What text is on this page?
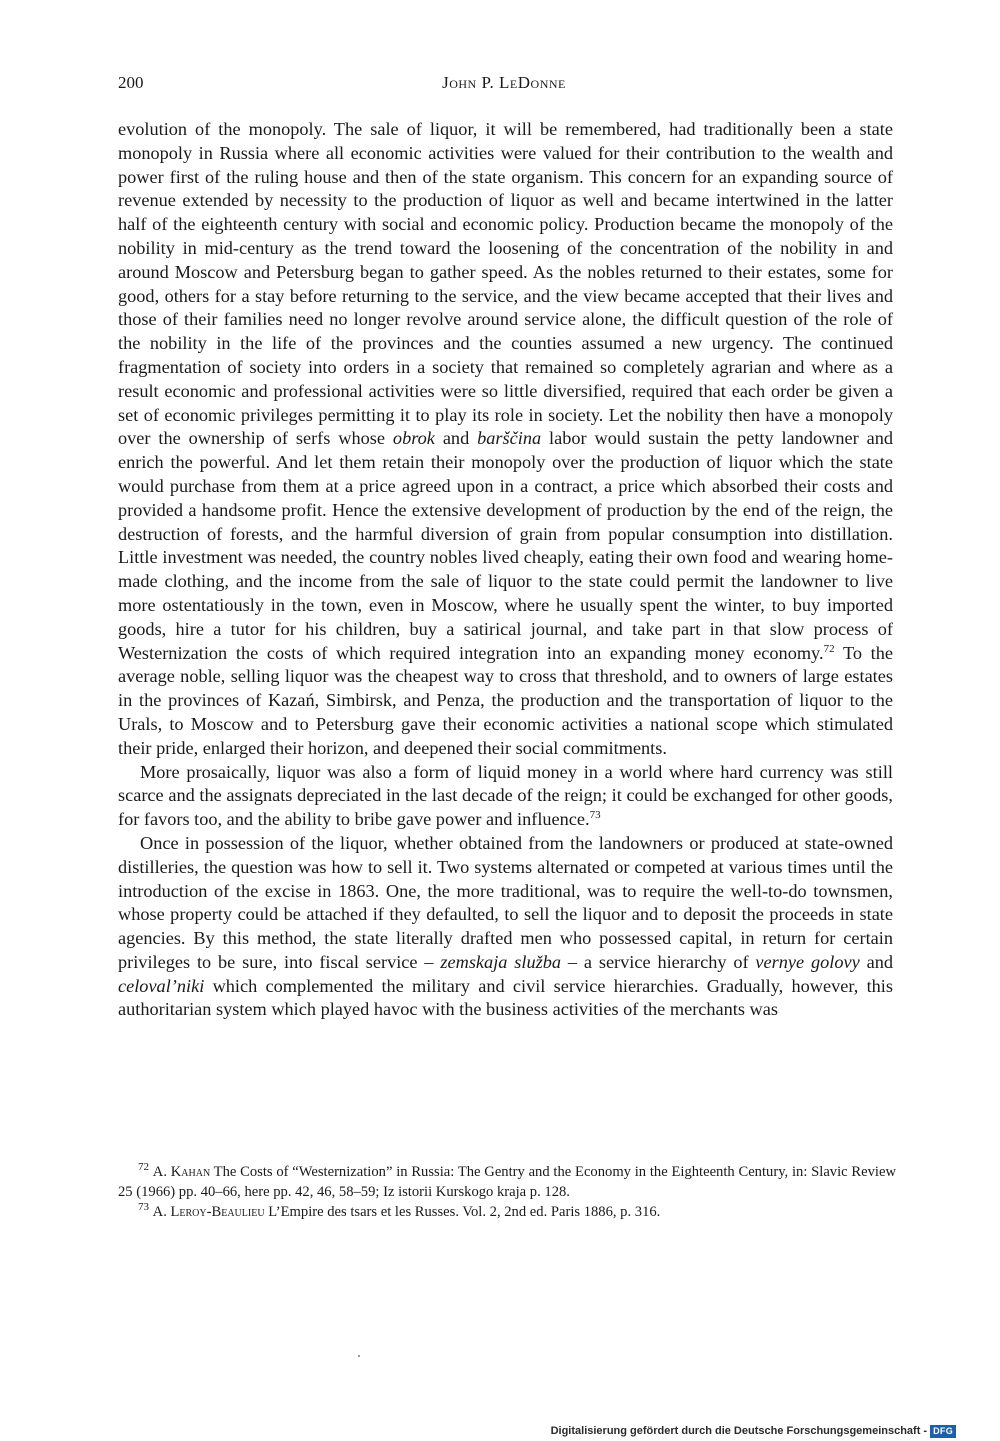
200	John P. LeDonne

evolution of the monopoly. The sale of liquor, it will be remembered, had traditionally been a state monopoly in Russia where all economic activities were valued for their contribution to the wealth and power first of the ruling house and then of the state organism. This concern for an expanding source of revenue extended by necessity to the production of liquor as well and became intertwined in the latter half of the eighteenth century with social and economic policy. Production became the monopoly of the nobility in mid-century as the trend toward the loosening of the concentration of the nobility in and around Moscow and Petersburg began to gather speed. As the nobles returned to their estates, some for good, others for a stay before returning to the service, and the view became accepted that their lives and those of their families need no longer revolve around service alone, the difficult question of the role of the nobility in the life of the provinces and the counties assumed a new urgency. The continued fragmentation of society into orders in a society that remained so completely agrarian and where as a result economic and professional activities were so little diversified, required that each order be given a set of economic privileges permitting it to play its role in society. Let the nobility then have a monopoly over the ownership of serfs whose obrok and barščina labor would sustain the petty landowner and enrich the powerful. And let them retain their monopoly over the production of liquor which the state would purchase from them at a price agreed upon in a contract, a price which absorbed their costs and provided a handsome profit. Hence the extensive development of production by the end of the reign, the destruction of forests, and the harmful diversion of grain from popular consumption into distillation. Little investment was needed, the country nobles lived cheaply, eating their own food and wearing home-made clothing, and the income from the sale of liquor to the state could permit the landowner to live more ostentatiously in the town, even in Moscow, where he usually spent the winter, to buy imported goods, hire a tutor for his children, buy a satirical journal, and take part in that slow process of Westernization the costs of which required integration into an expanding money economy.$^{72}$ To the average noble, selling liquor was the cheapest way to cross that threshold, and to owners of large estates in the provinces of Kazań, Simbirsk, and Penza, the production and the transportation of liquor to the Urals, to Moscow and to Petersburg gave their economic activities a national scope which stimulated their pride, enlarged their horizon, and deepened their social commitments.

More prosaically, liquor was also a form of liquid money in a world where hard currency was still scarce and the assignats depreciated in the last decade of the reign; it could be exchanged for other goods, for favors too, and the ability to bribe gave power and influence.$^{73}$

Once in possession of the liquor, whether obtained from the landowners or produced at state-owned distilleries, the question was how to sell it. Two systems alternated or competed at various times until the introduction of the excise in 1863. One, the more traditional, was to require the well-to-do townsmen, whose property could be attached if they defaulted, to sell the liquor and to deposit the proceeds in state agencies. By this method, the state literally drafted men who possessed capital, in return for certain privileges to be sure, into fiscal service – zemskaja služba – a service hierarchy of vernye golovy and celoval’niki which complemented the military and civil service hierarchies. Gradually, however, this authoritarian system which played havoc with the business activities of the merchants was

$^{72}$ A. Kahan The Costs of “Westernization” in Russia: The Gentry and the Economy in the Eighteenth Century, in: Slavic Review 25 (1966) pp. 40–66, here pp. 42, 46, 58–59; Iz istorii Kurskogo kraja p. 128.

$^{73}$ A. Leroy-Beaulieu L’Empire des tsars et les Russes. Vol. 2, 2nd ed. Paris 1886, p. 316.

Digitalisierung gefördert durch die Deutsche Forschungsgemeinschaft - DFG
